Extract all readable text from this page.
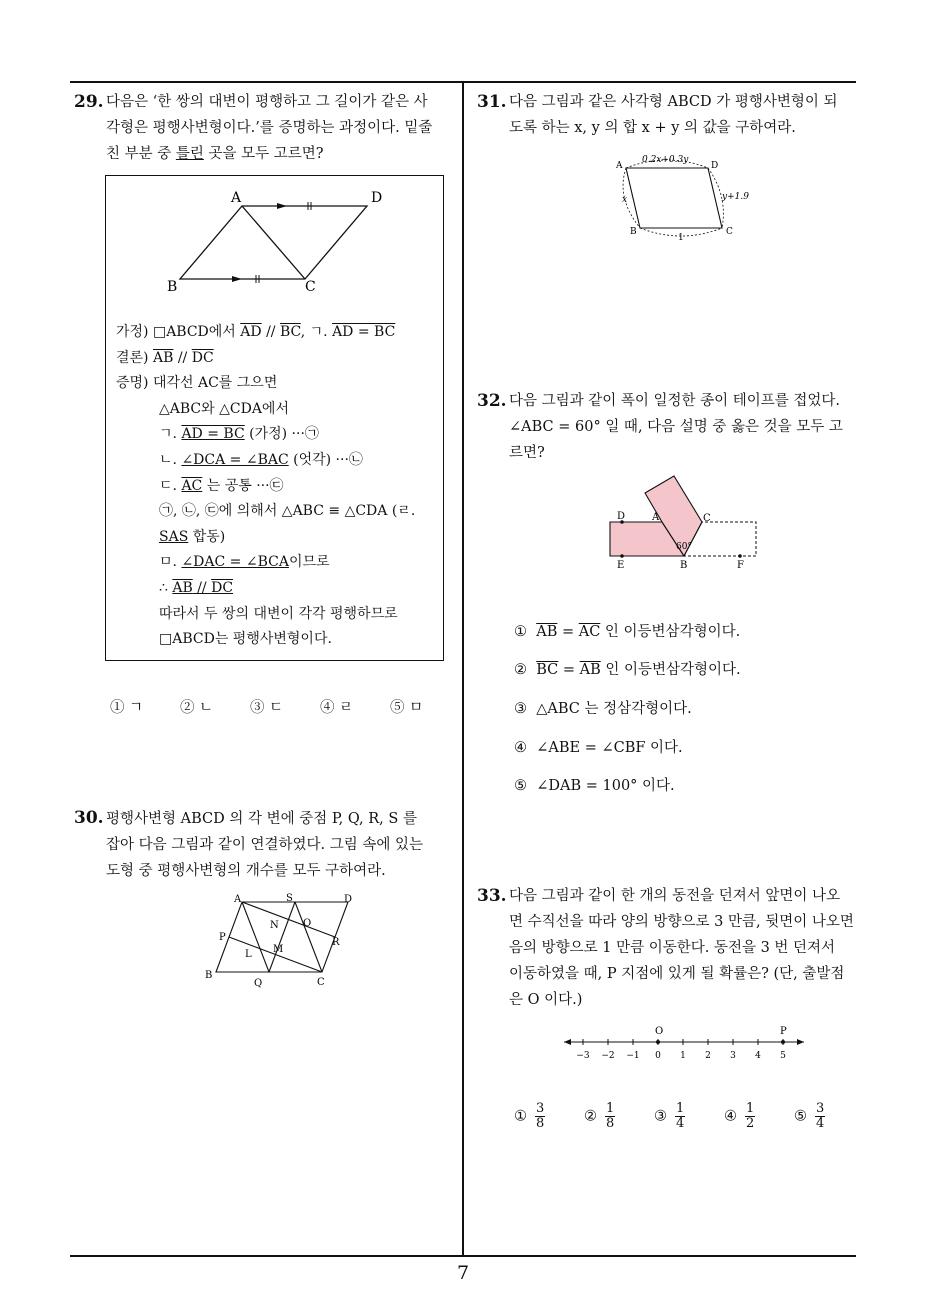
29. 다음은 ‘한 쌍의 대변이 평행하고 그 길이가 같은 사
각형은 평행사변형이다.’를 증명하는 과정이다. 밑줄
친 부분 중 틀린 곳을 모두 고르면?
A	D
B	C
가정) □ABCD에서 $\overline{AD} // \overline{BC}$, ㄱ. AD = BC
결론) $\overline{AB} // \overline{DC}$
증명) 대각선 AC를 그으면
△ABC와 △CDA에서
ㄱ. AD = BC (가정) ···㉠
ㄴ. ∠DCA = ∠BAC (엇각) ···㉡
ㄷ. AC 는 공통 ···㉢
㉠, ㉡, ㉢에 의해서 △ABC ≡ △CDA (ㄹ.
SAS 합동)
ㅁ. ∠DAC = ∠BCA이므로
∴ AB // DC
따라서 두 쌍의 대변이 각각 평행하므로
□ABCD는 평행사변형이다.
① ㄱ	② ㄴ	③ ㄷ	④ ㄹ	⑤ ㅁ
30. 평행사변형 ABCD 의 각 변에 중점 P, Q, R, S 를
잡아 다음 그림과 같이 연결하였다. 그림 속에 있는
도형 중 평행사변형의 개수를 모두 구하여라.
A	S	D
N O
P	R
L M
B
Q	C
31. 다음 그림과 같은 사각형 ABCD 가 평행사변형이 되
도록 하는 x, y 의 합 x + y 의 값을 구하여라.
A	D
B	C
0.2x+0.3y
x	y+1.9
1
32. 다음 그림과 같이 폭이 일정한 종이 테이프를 접었다.
∠ABC = 60° 일 때, 다음 설명 중 옳은 것을 모두 고
르면?
D	A	C
E	B	F
60°
① $\overline{AB} = \overline{AC}$ 인 이등변삼각형이다.
② $\overline{BC} = \overline{AB}$ 인 이등변삼각형이다.
③ △ABC 는 정삼각형이다.
④ ∠ABE = ∠CBF 이다.
⑤ ∠DAB = 100° 이다.
33. 다음 그림과 같이 한 개의 동전을 던져서 앞면이 나오
면 수직선을 따라 양의 방향으로 3 만큼, 뒷면이 나오면
음의 방향으로 1 만큼 이동한다. 동전을 3 번 던져서
이동하였을 때, P 지점에 있게 될 확률은? (단, 출발점
은 O 이다.)
O	P
−3 −2 −1 0 1 2 3 4 5
① $\frac{3}{8}$	② $\frac{1}{8}$	③ $\frac{1}{4}$	④ $\frac{1}{2}$	⑤ $\frac{3}{4}$
7
